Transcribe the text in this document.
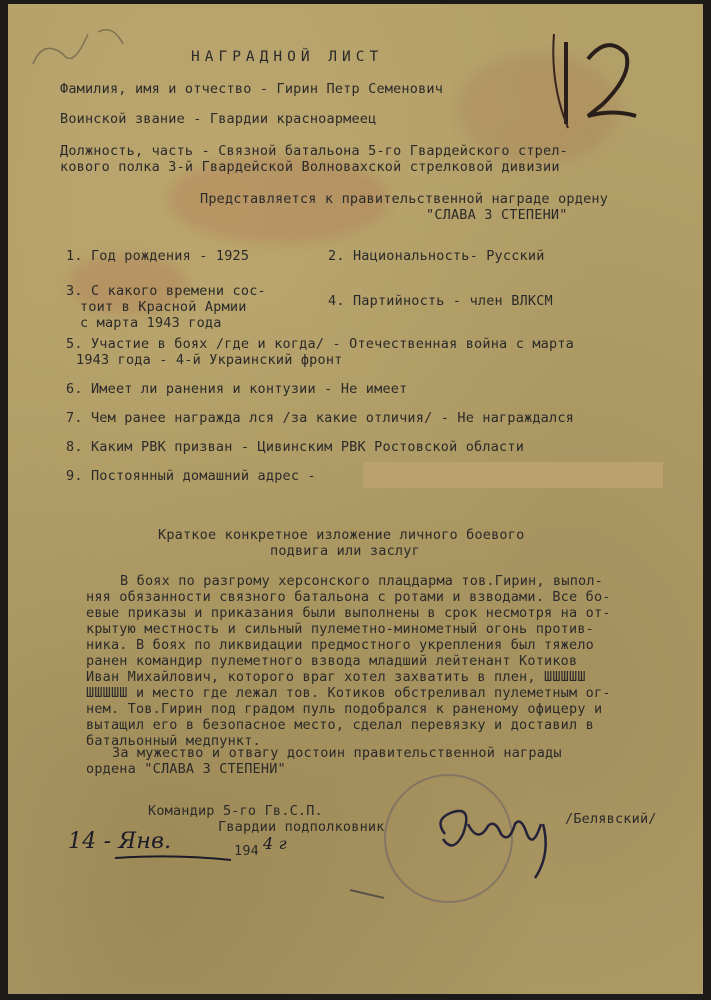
НАГРАДНОЙ ЛИСТ
Фамилия, имя и отчество - Гирин Петр Семенович
Воинской звание - Гвардии красноармеец
Должность, часть - Связной батальона 5-го Гвардейского стрел-
кового полка 3-й Гвардейской Волновахской стрелковой дивизии
Представляется к правительственной награде ордену
"СЛАВА 3 СТЕПЕНИ"
1. Год рождения - 1925	2. Национальность- Русский
3. С какого времени сос-
тоит в Красной Армии
с марта 1943 года
4. Партийность - член ВЛКСМ
5. Участие в боях /где и когда/ - Отечественная война с марта
1943 года - 4-й Украинский фронт
6. Имеет ли ранения и контузии - Не имеет
7. Чем ранее награжда лся /за какие отличия/ - Не награждался
8. Каким РВК призван - Цивинским РВК Ростовской области
9. Постоянный домашний адрес -
Краткое конкретное изложение личного боевого
подвига или заслуг
В боях по разгрому херсонского плацдарма тов.Гирин, выпол-
няя обязанности связного батальона с ротами и взводами. Все бо-
евые приказы и приказания были выполнены в срок несмотря на от-
крытую местность и сильный пулеметно-минометный огонь против-
ника. В боях по ликвидации предмостного укрепления был тяжело
ранен командир пулеметного взвода младший лейтенант Котиков
Иван Михайлович, которого враг хотел захватить в плен, ШШШШШ
ШШШШШ и место где лежал тов. Котиков обстреливал пулеметным ог-
нем. Тов.Гирин под градом пуль подобрался к раненому офицеру и
вытащил его в безопасное место, сделал перевязку и доставил в
батальонный медпункт.
За мужество и отвагу достоин правительственной награды
ордена "СЛАВА 3 СТЕПЕНИ"
Командир 5-го Гв.С.П.
Гвардии подполковник	/Белявский/
14 - Янв.	194 4 г
